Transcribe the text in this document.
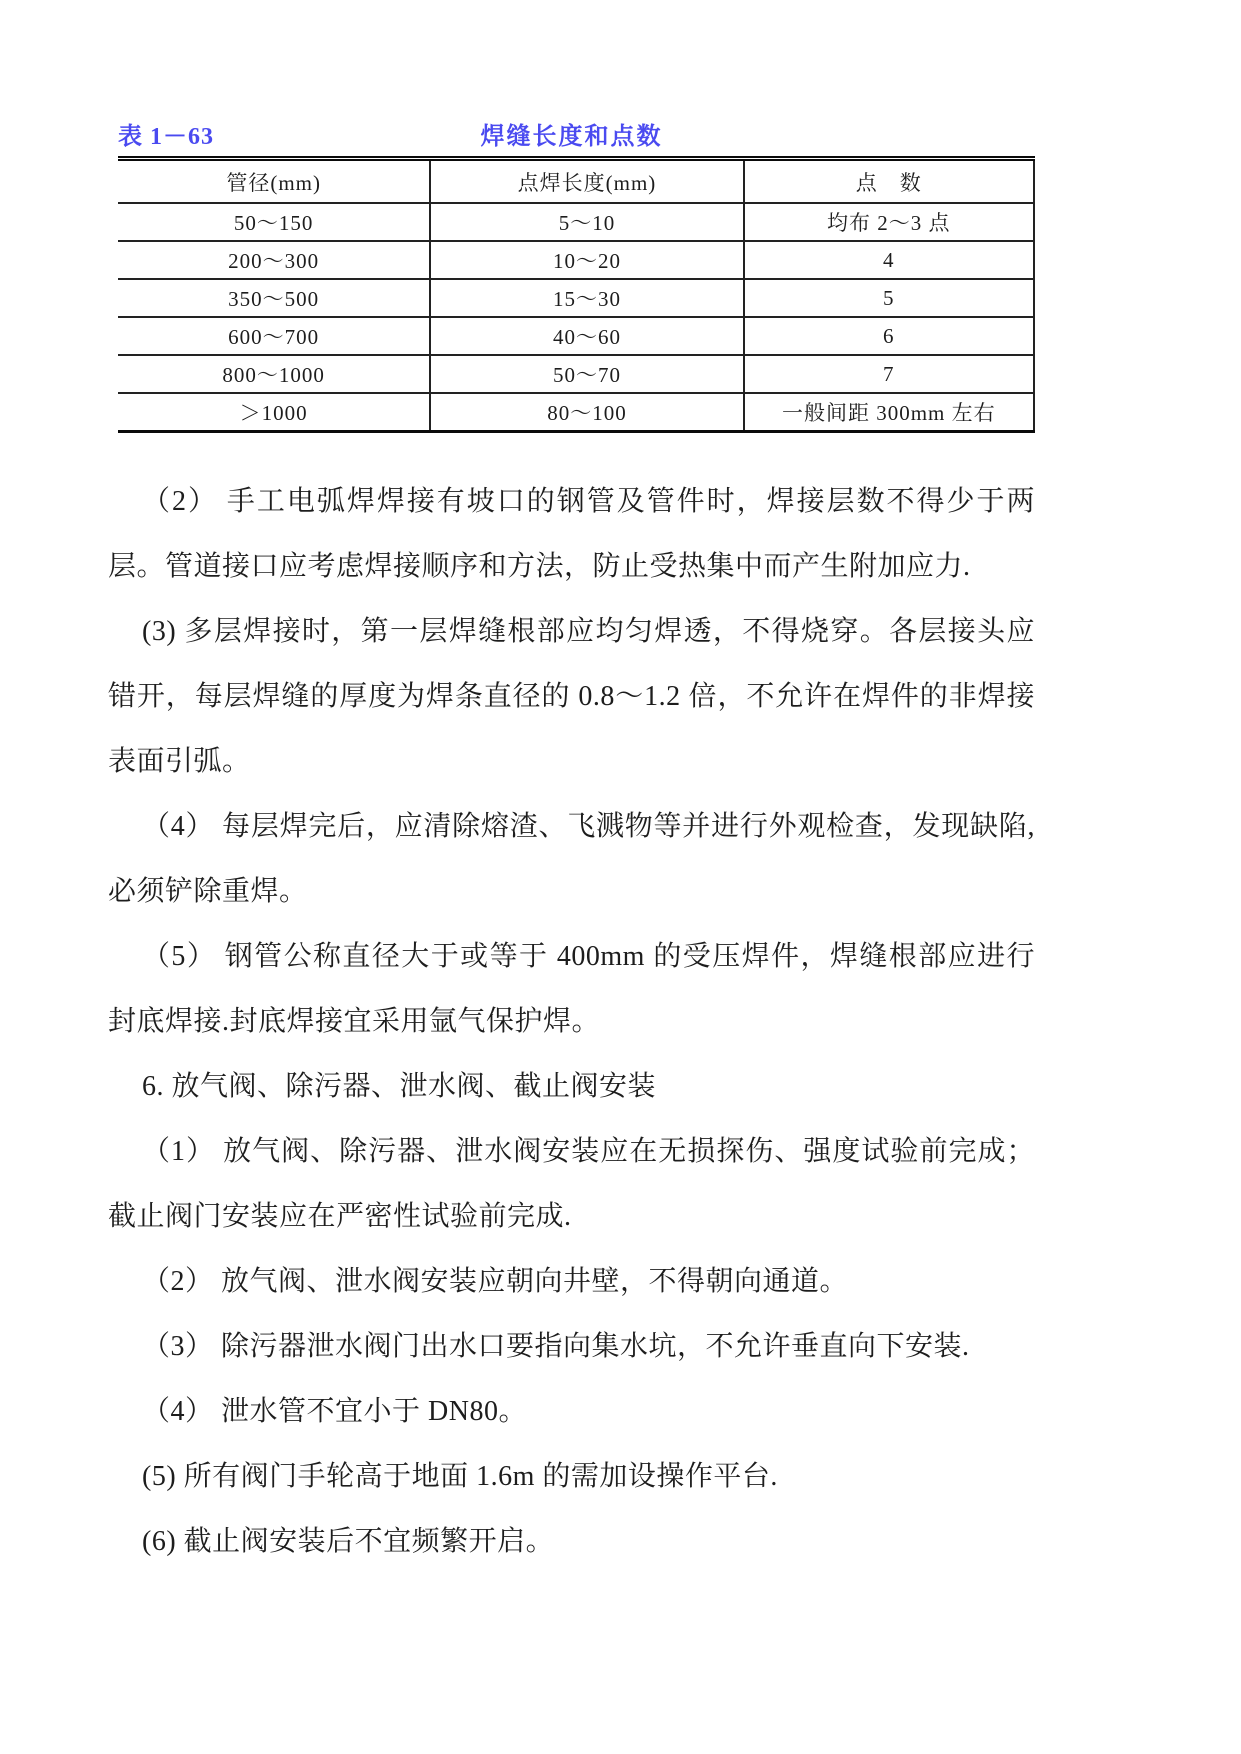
表 1－63	焊缝长度和点数
管径(mm)	点焊长度(mm)	点　数
50～150	5～10	均布 2～3 点
200～300	10～20	4
350～500	15～30	5
600～700	40～60	6
800～1000	50～70	7
＞1000	80～100	一般间距 300mm 左右

（2） 手工电弧焊焊接有坡口的钢管及管件时，焊接层数不得少于两层。管道接口应考虑焊接顺序和方法，防止受热集中而产生附加应力.

(3) 多层焊接时，第一层焊缝根部应均匀焊透，不得烧穿。各层接头应错开，每层焊缝的厚度为焊条直径的 0.8～1.2 倍，不允许在焊件的非焊接表面引弧。

（4） 每层焊完后，应清除熔渣、飞溅物等并进行外观检查，发现缺陷,必须铲除重焊。

（5） 钢管公称直径大于或等于 400mm 的受压焊件，焊缝根部应进行封底焊接.封底焊接宜采用氩气保护焊。

6. 放气阀、除污器、泄水阀、截止阀安装

（1） 放气阀、除污器、泄水阀安装应在无损探伤、强度试验前完成；截止阀门安装应在严密性试验前完成.

（2） 放气阀、泄水阀安装应朝向井壁，不得朝向通道。

（3） 除污器泄水阀门出水口要指向集水坑，不允许垂直向下安装.

（4） 泄水管不宜小于 DN80。

(5) 所有阀门手轮高于地面 1.6m 的需加设操作平台.

(6) 截止阀安装后不宜频繁开启。
